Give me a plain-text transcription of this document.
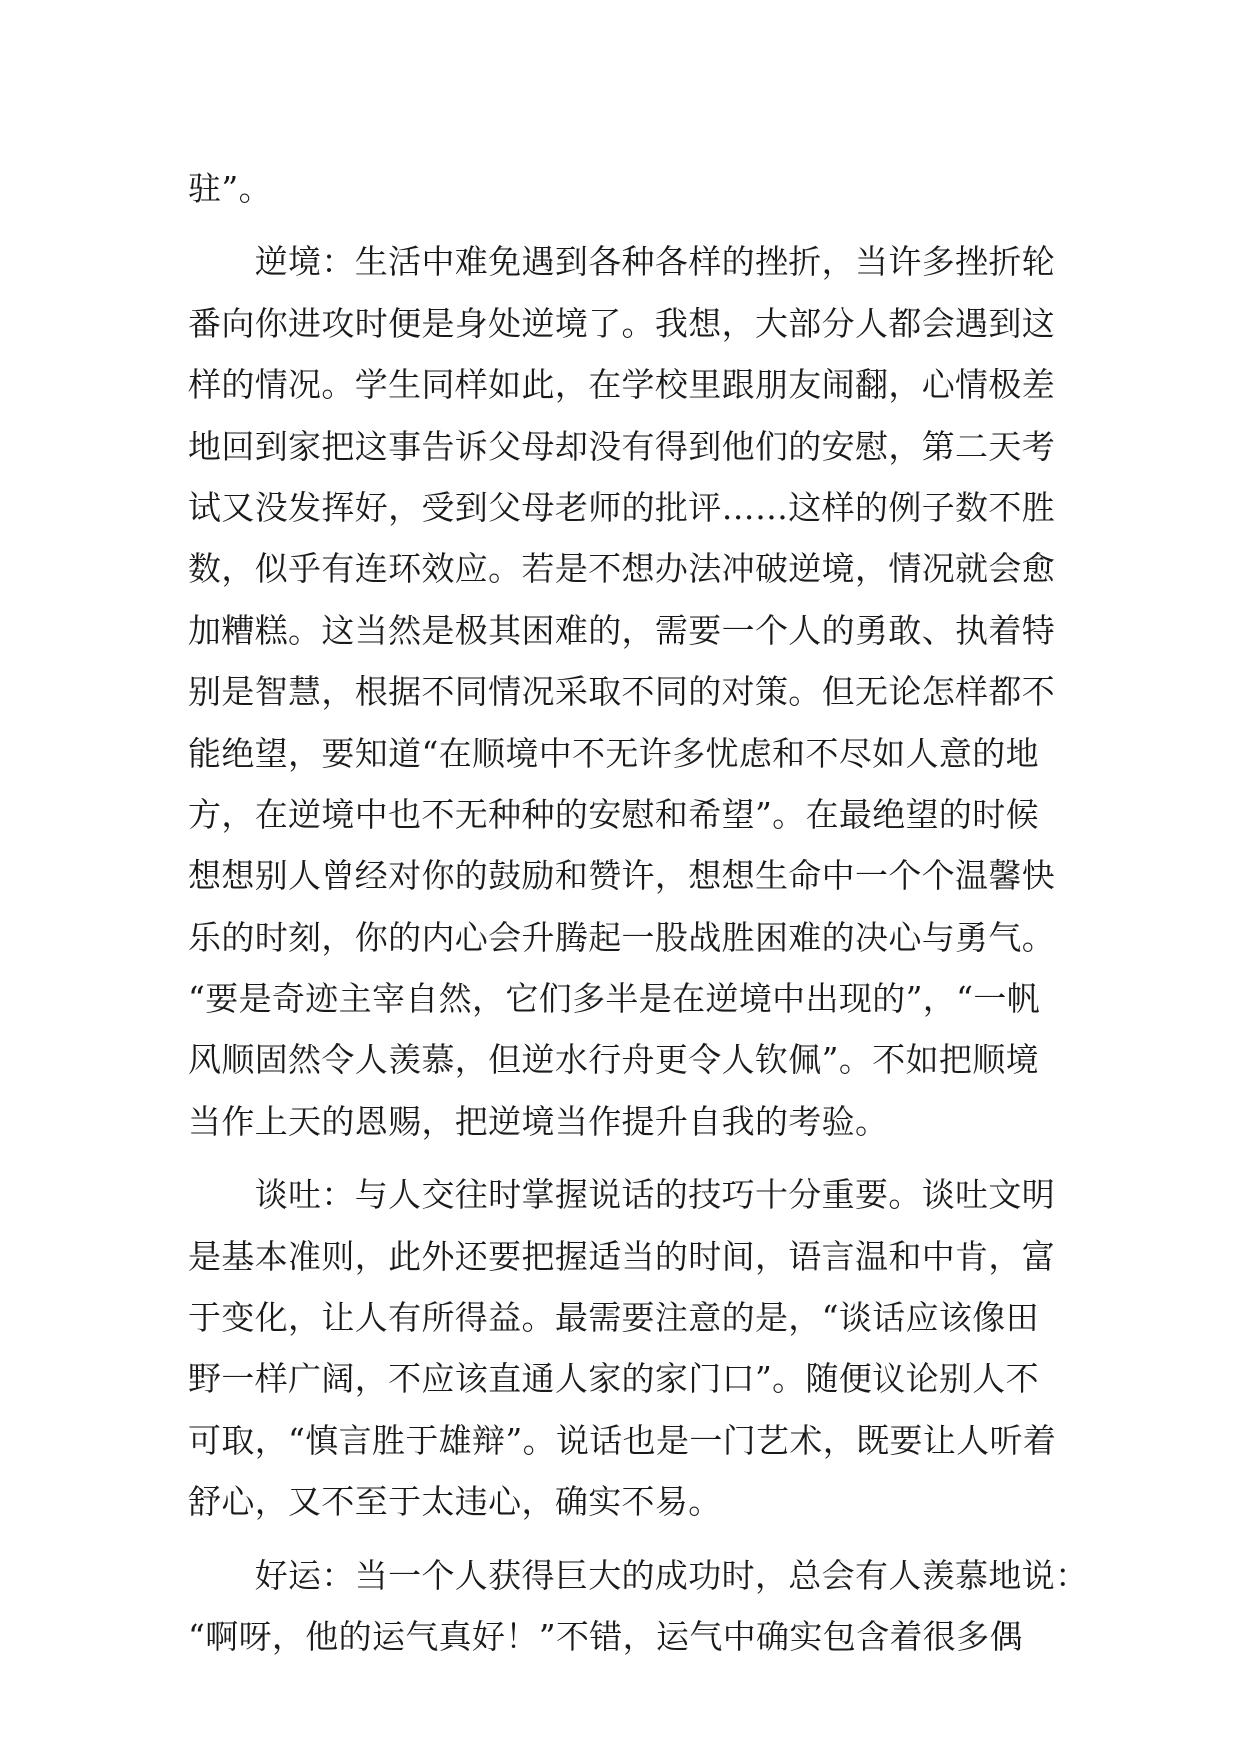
驻”。
　　逆境：生活中难免遇到各种各样的挫折，当许多挫折轮
番向你进攻时便是身处逆境了。我想，大部分人都会遇到这
样的情况。学生同样如此，在学校里跟朋友闹翻，心情极差
地回到家把这事告诉父母却没有得到他们的安慰，第二天考
试又没发挥好，受到父母老师的批评……这样的例子数不胜
数，似乎有连环效应。若是不想办法冲破逆境，情况就会愈
加糟糕。这当然是极其困难的，需要一个人的勇敢、执着特
别是智慧，根据不同情况采取不同的对策。但无论怎样都不
能绝望，要知道“在顺境中不无许多忧虑和不尽如人意的地
方，在逆境中也不无种种的安慰和希望”。在最绝望的时候
想想别人曾经对你的鼓励和赞许，想想生命中一个个温馨快
乐的时刻，你的内心会升腾起一股战胜困难的决心与勇气。
“要是奇迹主宰自然，它们多半是在逆境中出现的”，“一帆
风顺固然令人羡慕，但逆水行舟更令人钦佩”。不如把顺境
当作上天的恩赐，把逆境当作提升自我的考验。
　　谈吐：与人交往时掌握说话的技巧十分重要。谈吐文明
是基本准则，此外还要把握适当的时间，语言温和中肯，富
于变化，让人有所得益。最需要注意的是，“谈话应该像田
野一样广阔，不应该直通人家的家门口”。随便议论别人不
可取，“慎言胜于雄辩”。说话也是一门艺术，既要让人听着
舒心，又不至于太违心，确实不易。
　　好运：当一个人获得巨大的成功时，总会有人羡慕地说：
“啊呀，他的运气真好！”不错，运气中确实包含着很多偶
